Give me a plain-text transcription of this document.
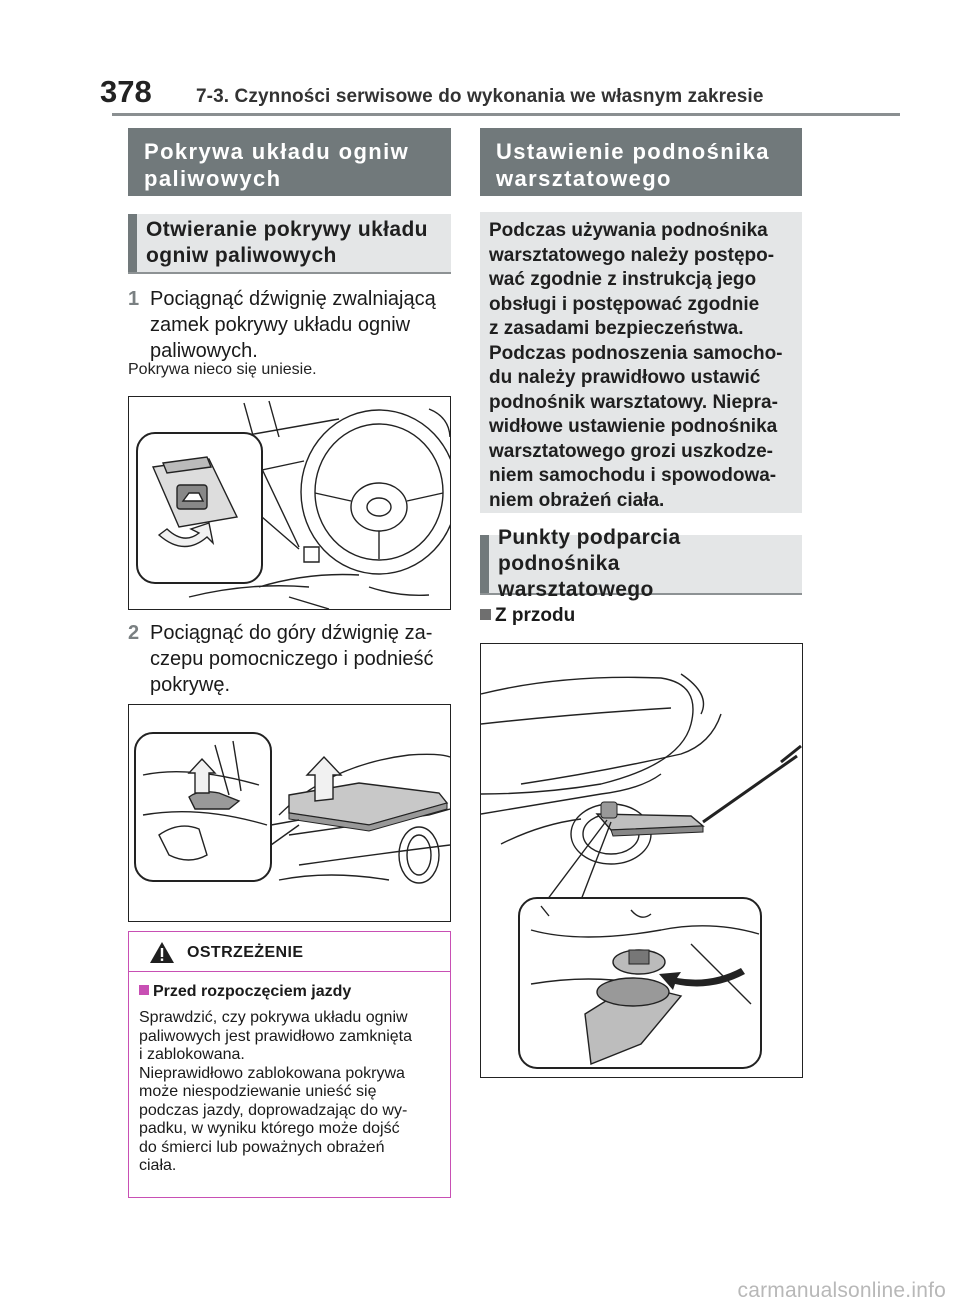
378 7-3. Czynności serwisowe do wykonania we własnym zakresie
Pokrywa układu ogniw
paliwowych
Otwieranie pokrywy układu
ogniw paliwowych
1 Pociągnąć dźwignię zwalniającą
zamek pokrywy układu ogniw
paliwowych.
Pokrywa nieco się uniesie.
2 Pociągnąć do góry dźwignię za-
czepu pomocniczego i podnieść
pokrywę.
OSTRZEŻENIE
Przed rozpoczęciem jazdy
Sprawdzić, czy pokrywa układu ogniw
paliwowych jest prawidłowo zamknięta
i zablokowana.
Nieprawidłowo zablokowana pokrywa
może niespodziewanie unieść się
podczas jazdy, doprowadzając do wy-
padku, w wyniku którego może dojść
do śmierci lub poważnych obrażeń
ciała.
Ustawienie podnośnika
warsztatowego
Podczas używania podnośnika
warsztatowego należy postępo-
wać zgodnie z instrukcją jego
obsługi i postępować zgodnie
z zasadami bezpieczeństwa.
Podczas podnoszenia samocho-
du należy prawidłowo ustawić
podnośnik warsztatowy. Niepra-
widłowe ustawienie podnośnika
warsztatowego grozi uszkodze-
niem samochodu i spowodowa-
niem obrażeń ciała.
Punkty podparcia podnośnika
warsztatowego
Z przodu
carmanualsonline.info
